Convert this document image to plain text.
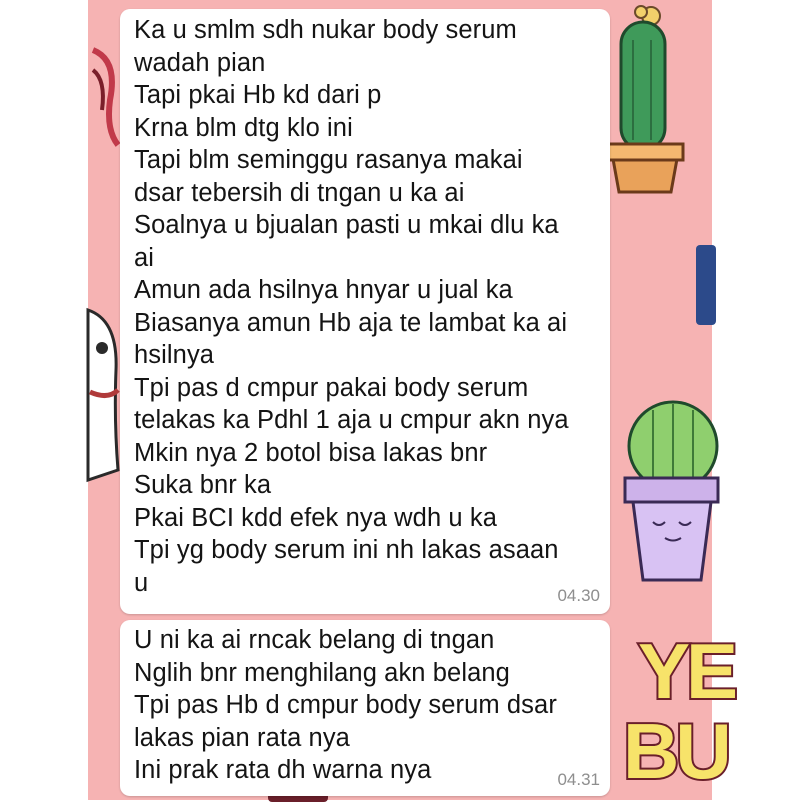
YE
BU
Ka u smlm sdh nukar body serum
wadah pian
Tapi pkai Hb kd dari p
Krna blm dtg klo ini
Tapi blm seminggu rasanya makai
dsar tebersih di tngan u ka ai
Soalnya u bjualan pasti u mkai dlu ka
ai
Amun ada hsilnya hnyar u jual ka
Biasanya amun Hb aja te lambat ka ai
hsilnya
Tpi pas d cmpur pakai body serum
telakas ka Pdhl 1 aja u cmpur akn nya
Mkin nya 2 botol bisa lakas bnr
Suka bnr ka
Pkai BCI kdd efek nya wdh u ka
Tpi yg body serum ini nh lakas asaan
u	04.30
U ni ka ai rncak belang di tngan
Nglih bnr menghilang akn belang
Tpi pas Hb d cmpur body serum dsar
lakas pian rata nya
Ini prak rata dh warna nya	04.31
